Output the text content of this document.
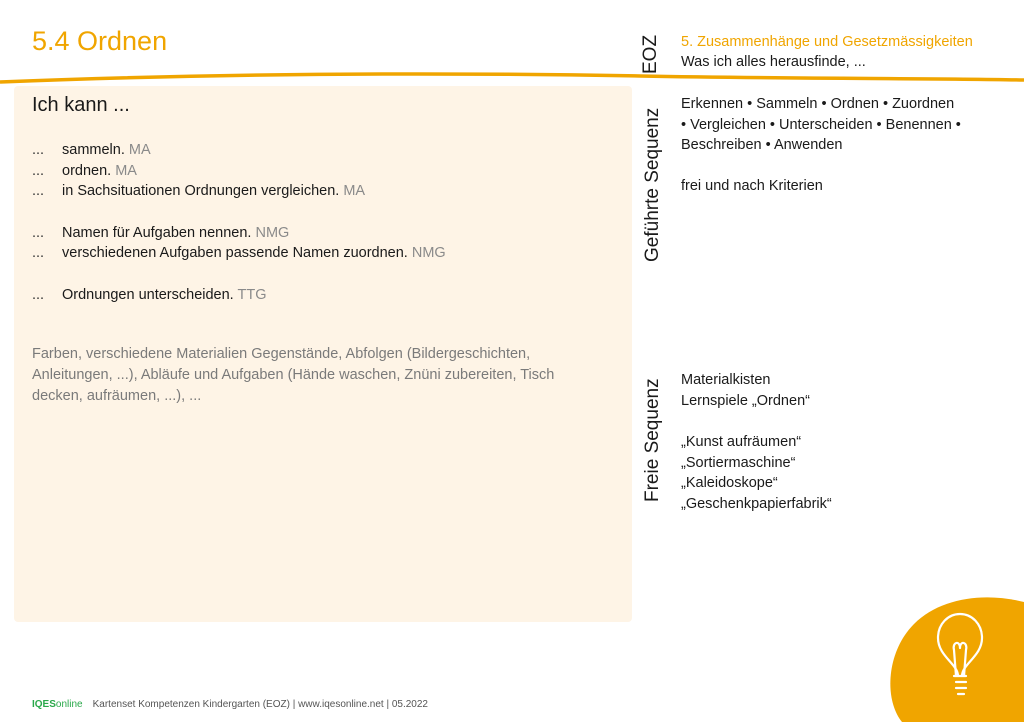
5.4 Ordnen
Ich kann ...
... sammeln. MA
... ordnen. MA
... in Sachsituationen Ordnungen vergleichen. MA
... Namen für Aufgaben nennen. NMG
... verschiedenen Aufgaben passende Namen zuordnen. NMG
... Ordnungen unterscheiden. TTG
Farben, verschiedene Materialien Gegenstände, Abfolgen (Bildergeschichten, Anleitungen, ...), Abläufe und Aufgaben (Hände waschen, Znüni zubereiten, Tisch decken, aufräumen, ...), ...
EOZ 5. Zusammenhänge und Gesetzmässigkeiten
Was ich alles herausfinde, ...
Geführte Sequenz
Erkennen • Sammeln • Ordnen • Zuordnen
• Vergleichen • Unterscheiden • Benennen •
Beschreiben • Anwenden
frei und nach Kriterien
Freie Sequenz Materialkisten
Lernspiele „Ordnen“
„Kunst aufräumen“
„Sortiermaschine“
„Kaleidoskope“
„Geschenkpapierfabrik“
IQESonline Kartenset Kompetenzen Kindergarten (EOZ) | www.iqesonline.net | 05.2022
